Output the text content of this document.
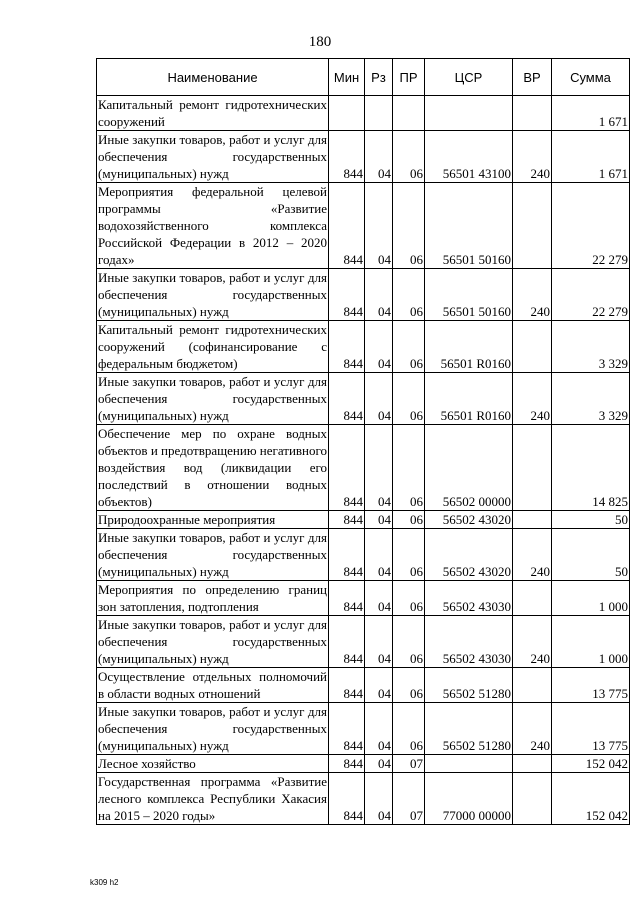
180
Наименование	Мин	Рз	ПР	ЦСР	ВР	Сумма
Капитальный ремонт гидротехнических сооружений						1 671
Иные закупки товаров, работ и услуг для обеспечения государственных (муниципальных) нужд	844	04	06	56501 43100	240	1 671
Мероприятия федеральной целевой программы «Развитие водохозяйственного комплекса Российской Федерации в 2012 – 2020 годах»	844	04	06	56501 50160		22 279
Иные закупки товаров, работ и услуг для обеспечения государственных (муниципальных) нужд	844	04	06	56501 50160	240	22 279
Капитальный ремонт гидротехнических сооружений (софинансирование с федеральным бюджетом)	844	04	06	56501 R0160		3 329
Иные закупки товаров, работ и услуг для обеспечения государственных (муниципальных) нужд	844	04	06	56501 R0160	240	3 329
Обеспечение мер по охране водных объектов и предотвращению негативного воздействия вод (ликвидации его последствий в отношении водных объектов)	844	04	06	56502 00000		14 825
Природоохранные мероприятия	844	04	06	56502 43020		50
Иные закупки товаров, работ и услуг для обеспечения государственных (муниципальных) нужд	844	04	06	56502 43020	240	50
Мероприятия по определению границ зон затопления, подтопления	844	04	06	56502 43030		1 000
Иные закупки товаров, работ и услуг для обеспечения государственных (муниципальных) нужд	844	04	06	56502 43030	240	1 000
Осуществление отдельных полномочий в области водных отношений	844	04	06	56502 51280		13 775
Иные закупки товаров, работ и услуг для обеспечения государственных (муниципальных) нужд	844	04	06	56502 51280	240	13 775
Лесное хозяйство	844	04	07			152 042
Государственная программа «Развитие лесного комплекса Республики Хакасия на 2015 – 2020 годы»	844	04	07	77000 00000		152 042
k309 h2
